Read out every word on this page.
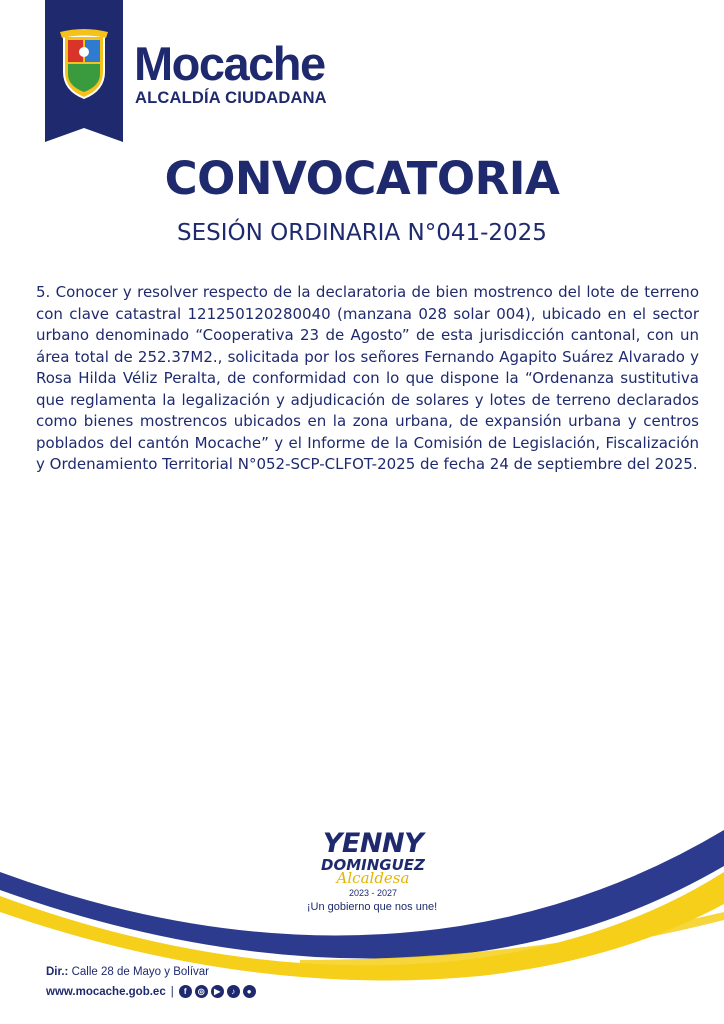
Mocache
ALCALDÍA CIUDADANA
CONVOCATORIA
SESIÓN ORDINARIA N°041-2025

5. Conocer y resolver respecto de la declaratoria de bien mostrenco del lote de terreno con clave catastral 121250120280040 (manzana 028 solar 004), ubicado en el sector urbano denominado “Cooperativa 23 de Agosto” de esta jurisdicción cantonal, con un área total de 252.37M2., solicitada por los señores Fernando Agapito Suárez Alvarado y Rosa Hilda Véliz Peralta, de conformidad con lo que dispone la “Ordenanza sustitutiva que reglamenta la legalización y adjudicación de solares y lotes de terreno declarados como bienes mostrencos ubicados en la zona urbana, de expansión urbana y centros poblados del cantón Mocache” y el Informe de la Comisión de Legislación, Fiscalización y Ordenamiento Territorial N°052-SCP-CLFOT-2025 de fecha 24 de septiembre del 2025.

YENNY
DOMINGUEZ
Alcaldesa
2023 - 2027
¡Un gobierno que nos une!
Dir.: Calle 28 de Mayo y Bolívar
www.mocache.gob.ec |	f	◎	▶	♪	●
